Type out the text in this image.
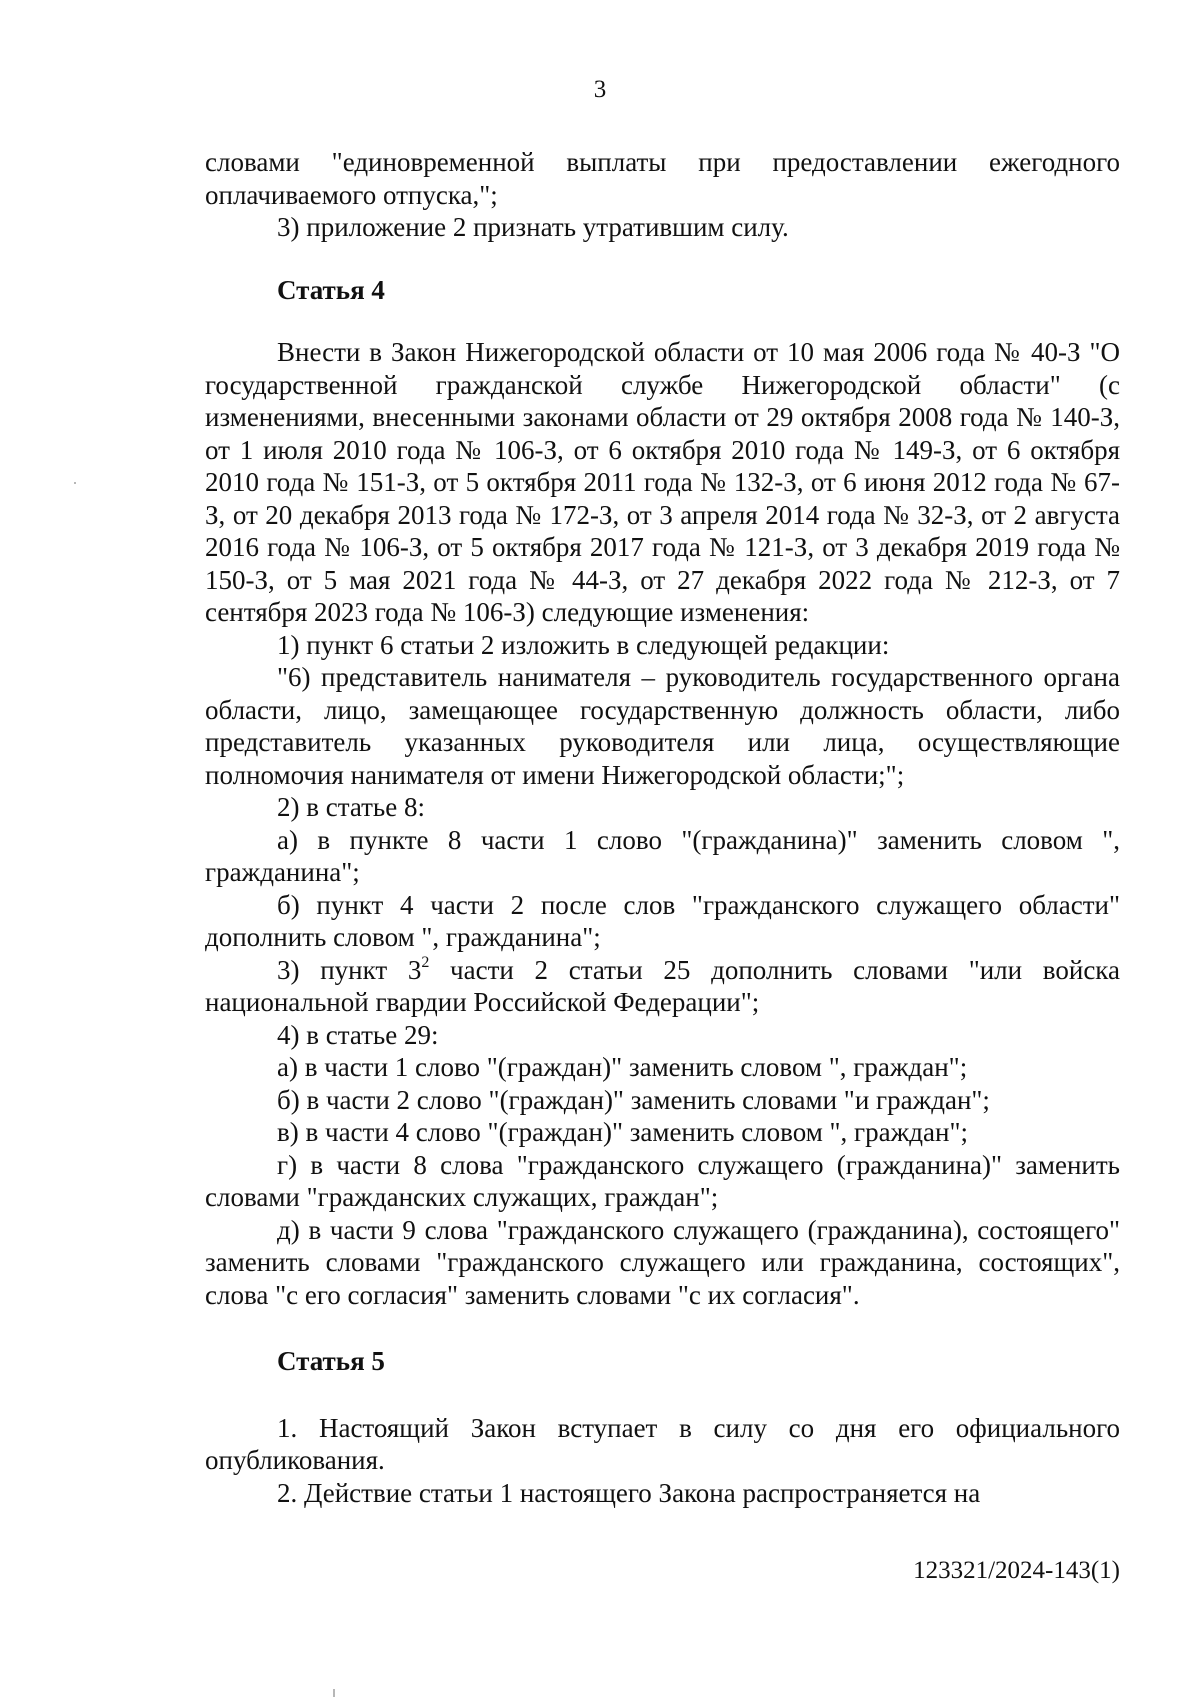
3

словами "единовременной выплаты при предоставлении ежегодного оплачиваемого отпуска,";

3) приложение 2 признать утратившим силу.

Статья 4

Внести в Закон Нижегородской области от 10 мая 2006 года № 40-З "О государственной гражданской службе Нижегородской области" (с изменениями, внесенными законами области от 29 октября 2008 года № 140-З, от 1 июля 2010 года № 106-З, от 6 октября 2010 года № 149-З, от 6 октября 2010 года № 151-З, от 5 октября 2011 года № 132-З, от 6 июня 2012 года № 67-З, от 20 декабря 2013 года № 172-З, от 3 апреля 2014 года № 32-З, от 2 августа 2016 года № 106-З, от 5 октября 2017 года № 121-З, от 3 декабря 2019 года № 150-З, от 5 мая 2021 года № 44-З, от 27 декабря 2022 года № 212-З, от 7 сентября 2023 года № 106-З) следующие изменения:

1) пункт 6 статьи 2 изложить в следующей редакции:

"6) представитель нанимателя – руководитель государственного органа области, лицо, замещающее государственную должность области, либо представитель указанных руководителя или лица, осуществляющие полномочия нанимателя от имени Нижегородской области;";

2) в статье 8:

а) в пункте 8 части 1 слово "(гражданина)" заменить словом ", гражданина";

б) пункт 4 части 2 после слов "гражданского служащего области" дополнить словом ", гражданина";

3) пункт $3^2$ части 2 статьи 25 дополнить словами "или войска национальной гвардии Российской Федерации";

4) в статье 29:

а) в части 1 слово "(граждан)" заменить словом ", граждан";

б) в части 2 слово "(граждан)" заменить словами "и граждан";

в) в части 4 слово "(граждан)" заменить словом ", граждан";

г) в части 8 слова "гражданского служащего (гражданина)" заменить словами "гражданских служащих, граждан";

д) в части 9 слова "гражданского служащего (гражданина), состоящего" заменить словами "гражданского служащего или гражданина, состоящих", слова "с его согласия" заменить словами "с их согласия".

Статья 5

1. Настоящий Закон вступает в силу со дня его официального опубликования.

2. Действие статьи 1 настоящего Закона распространяется на

123321/2024-143(1)
